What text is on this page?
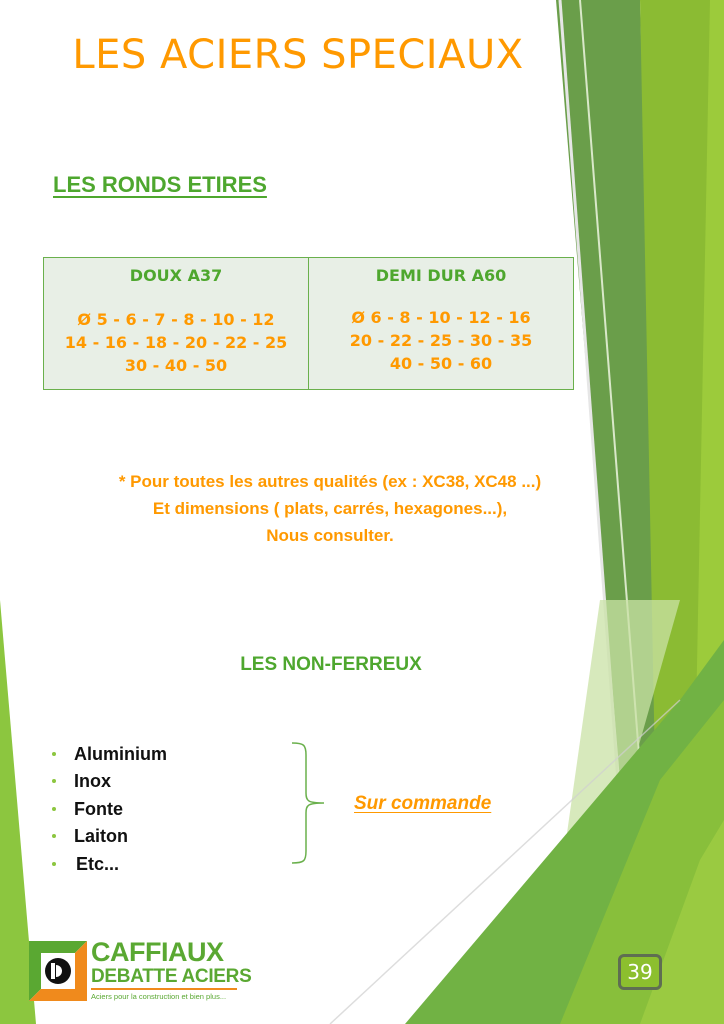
LES ACIERS SPECIAUX
LES RONDS ETIRES
DOUX A37
Ø 5 - 6 - 7 - 8 - 10 - 12
14 - 16 - 18 - 20 - 22 - 25
30 - 40 - 50

DEMI DUR A60
Ø 6 - 8 - 10 - 12 - 16
20 - 22 - 25 - 30 - 35
40 - 50 - 60
* Pour toutes les autres qualités (ex : XC38, XC48 ...)
Et dimensions ( plats, carrés, hexagones...),
Nous consulter.
LES NON-FERREUX
Aluminium
Inox
Fonte
Laiton
Etc...
Sur commande
CAFFIAUX
DEBATTE ACIERS
Aciers pour la construction et bien plus...
39
